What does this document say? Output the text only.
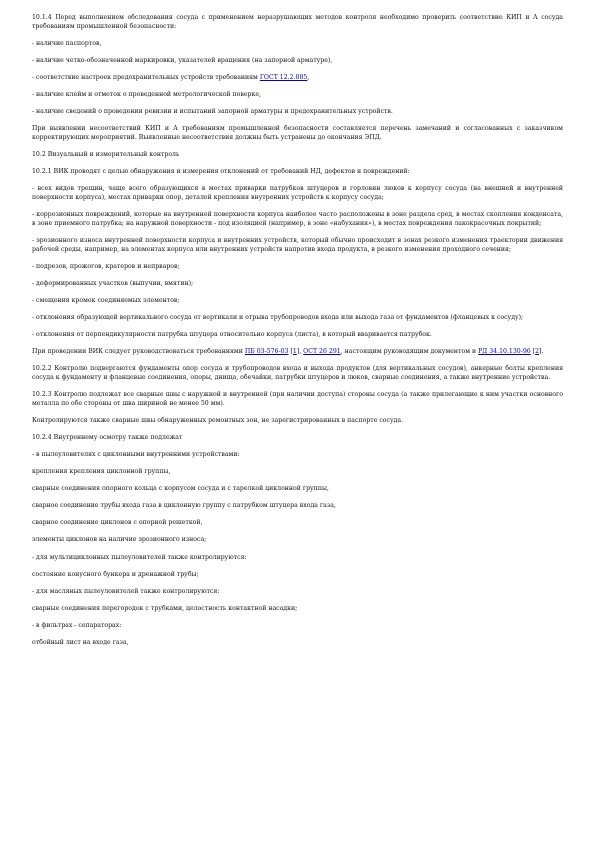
10.1.4 Перед выполнением обследования сосуда с применением неразрушающих методов контроля необходимо проверить соответствие КИП и А сосуда требованиям промышленной безопасности:

- наличие паспортов,

- наличие четко-обозначенной маркировки, указателей вращения (на запорной арматуре),

- соответствие настроек предохранительных устройств требованиям ГОСТ 12.2.085,

- наличие клейм и отметок о проведенной метрологической поверке,

- наличие сведений о проведении ревизии и испытаний запорной арматуры и предохранительных устройств.

При выявлении несоответствий КИП и А требованиям промышленной безопасности составляется перечень замечаний и согласованных с заказчиком корректирующих мероприятий. Выявленные несоответствия должны быть устранены до окончания ЭПД.

10.2 Визуальный и измерительный контроль

10.2.1 ВИК проводят с целью обнаружения и измерения отклонений от требований НД, дефектов и повреждений:

- всех видов трещин, чаще всего образующихся в местах приварки патрубков штуцеров и горловин люков к корпусу сосуда (на внешней и внутренней поверхности корпуса), местах приварки опор, деталей крепления внутренних устройств к корпусу сосуда;

- коррозионных повреждений, которые на внутренней поверхности корпуса наиболее часто расположены в зоне раздела сред, в местах скопления конденсата, в зоне приемного патрубка; на наружной поверхности - под изоляцией (например, в зоне «набухания»), в местах повреждения лакокрасочных покрытий;

- эрозионного износа внутренней поверхности корпуса и внутренних устройств, который обычно происходит в зонах резкого изменения траектории движения рабочей среды, например, на элементах корпуса или внутренних устройств напротив входа продукта, в резкого изменения проходного сечения;

- подрезов, прожогов, кратеров и непрваров;

- деформированных участков (выпучин, вмятин);

- смещения кромок соединяемых элементов;

- отклонения образующей вертикального сосуда от вертикали и отрыва трубопроводов входа или выхода газа от фундаментов (фланцевых к сосуду);

- отклонения от перпендикулярности патрубка штуцера относительно корпуса (листа), в который вваривается патрубок.

При проведении ВИК следует руководствоваться требованиями ПБ 03-576-03 [1], ОСТ 26 291, настоящим руководящим документом и РД 34.10.130-96 [2].

10.2.2 Контролю подвергаются фундаменты опор сосуда и трубопроводов входа и выхода продуктов (для вертикальных сосудов), анкерные болты крепления сосуда к фундаменту и фланцевые соединения, опоры, днища, обечайки, патрубки штуцеров и люков, сварные соединения, а также внутренние устройства.

10.2.3 Контролю подлежат все сварные швы с наружной и внутренней (при наличии доступа) стороны сосуда (а также прилегающие к ним участки основного металла по обе стороны от шва шириной не менее 50 мм).

Контролируются также сварные швы обнаруженных ремонтных зон, не зарегистрированных в паспорте сосуда.

10.2.4 Внутреннему осмотру также подлежат

- в пылеуловителях с циклонными внутренними устройствами:

крепления крепления циклонной группы,

сварные соединения опорного кольца с корпусом сосуда и с тарелкой циклонной группы,

сварное соединение трубы входа газа в циклонную группу с патрубком штуцера входа газа,

сварное соединение циклонов с опорной решеткой,

элементы циклонов на наличие эрозионного износа;

- для мультициклонных пылеуловителей также контролируются:

состояние конусного бункера и дренажной трубы;

- для масляных пылеуловителей также контролируются:

сварные соединения перегородок с трубками, целостность контактной насадки;

- в фильтрах - сепараторах:

отбойный лист на входе газа,
